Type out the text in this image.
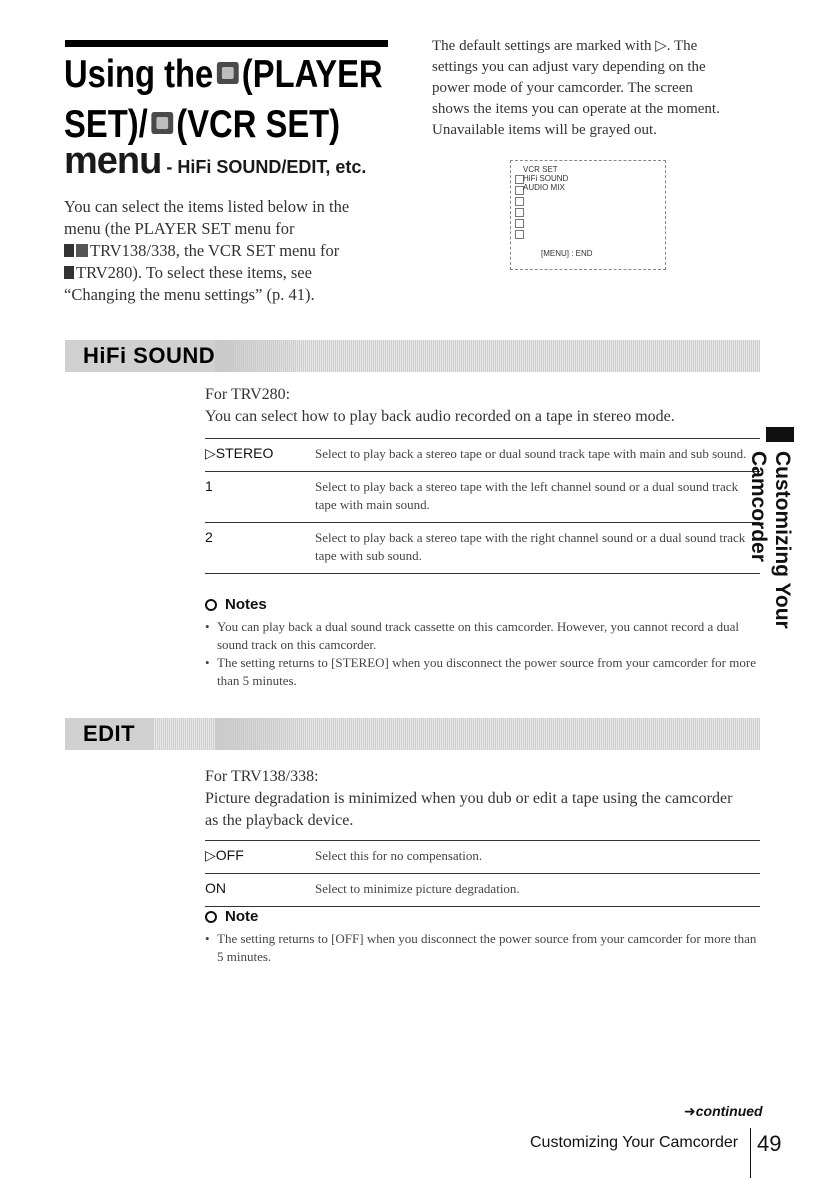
Using the (PLAYER
SET)/ (VCR SET)
menu - HiFi SOUND/EDIT, etc.

You can select the items listed below in the

menu (the PLAYER SET menu for

TRV138/338, the VCR SET menu for

TRV280). To select these items, see

“Changing the menu settings” (p. 41).

The default settings are marked with ▷. The

settings you can adjust vary depending on the

power mode of your camcorder. The screen

shows the items you can operate at the moment.

Unavailable items will be grayed out.

VCR SET
HiFi SOUND
AUDIO MIX
[MENU] : END
HiFi SOUND

For TRV280:

You can select how to play back audio recorded on a tape in stereo mode.

▷STEREO	Select to play back a stereo tape or dual sound track tape with main and sub sound.
1	Select to play back a stereo tape with the left channel sound or a dual sound track tape with main sound.
2	Select to play back a stereo tape with the right channel sound or a dual sound track tape with sub sound.
Notes

• You can play back a dual sound track cassette on this camcorder. However, you cannot record a dual sound track on this camcorder.

• The setting returns to [STEREO] when you disconnect the power source from your camcorder for more than 5 minutes.

EDIT

For TRV138/338:

Picture degradation is minimized when you dub or edit a tape using the camcorder

as the playback device.

▷OFF	Select this for no compensation.
ON	Select to minimize picture degradation.
Note

• The setting returns to [OFF] when you disconnect the power source from your camcorder for more than 5 minutes.

Customizing Your Camcorder
➜continued
Customizing Your Camcorder 49
